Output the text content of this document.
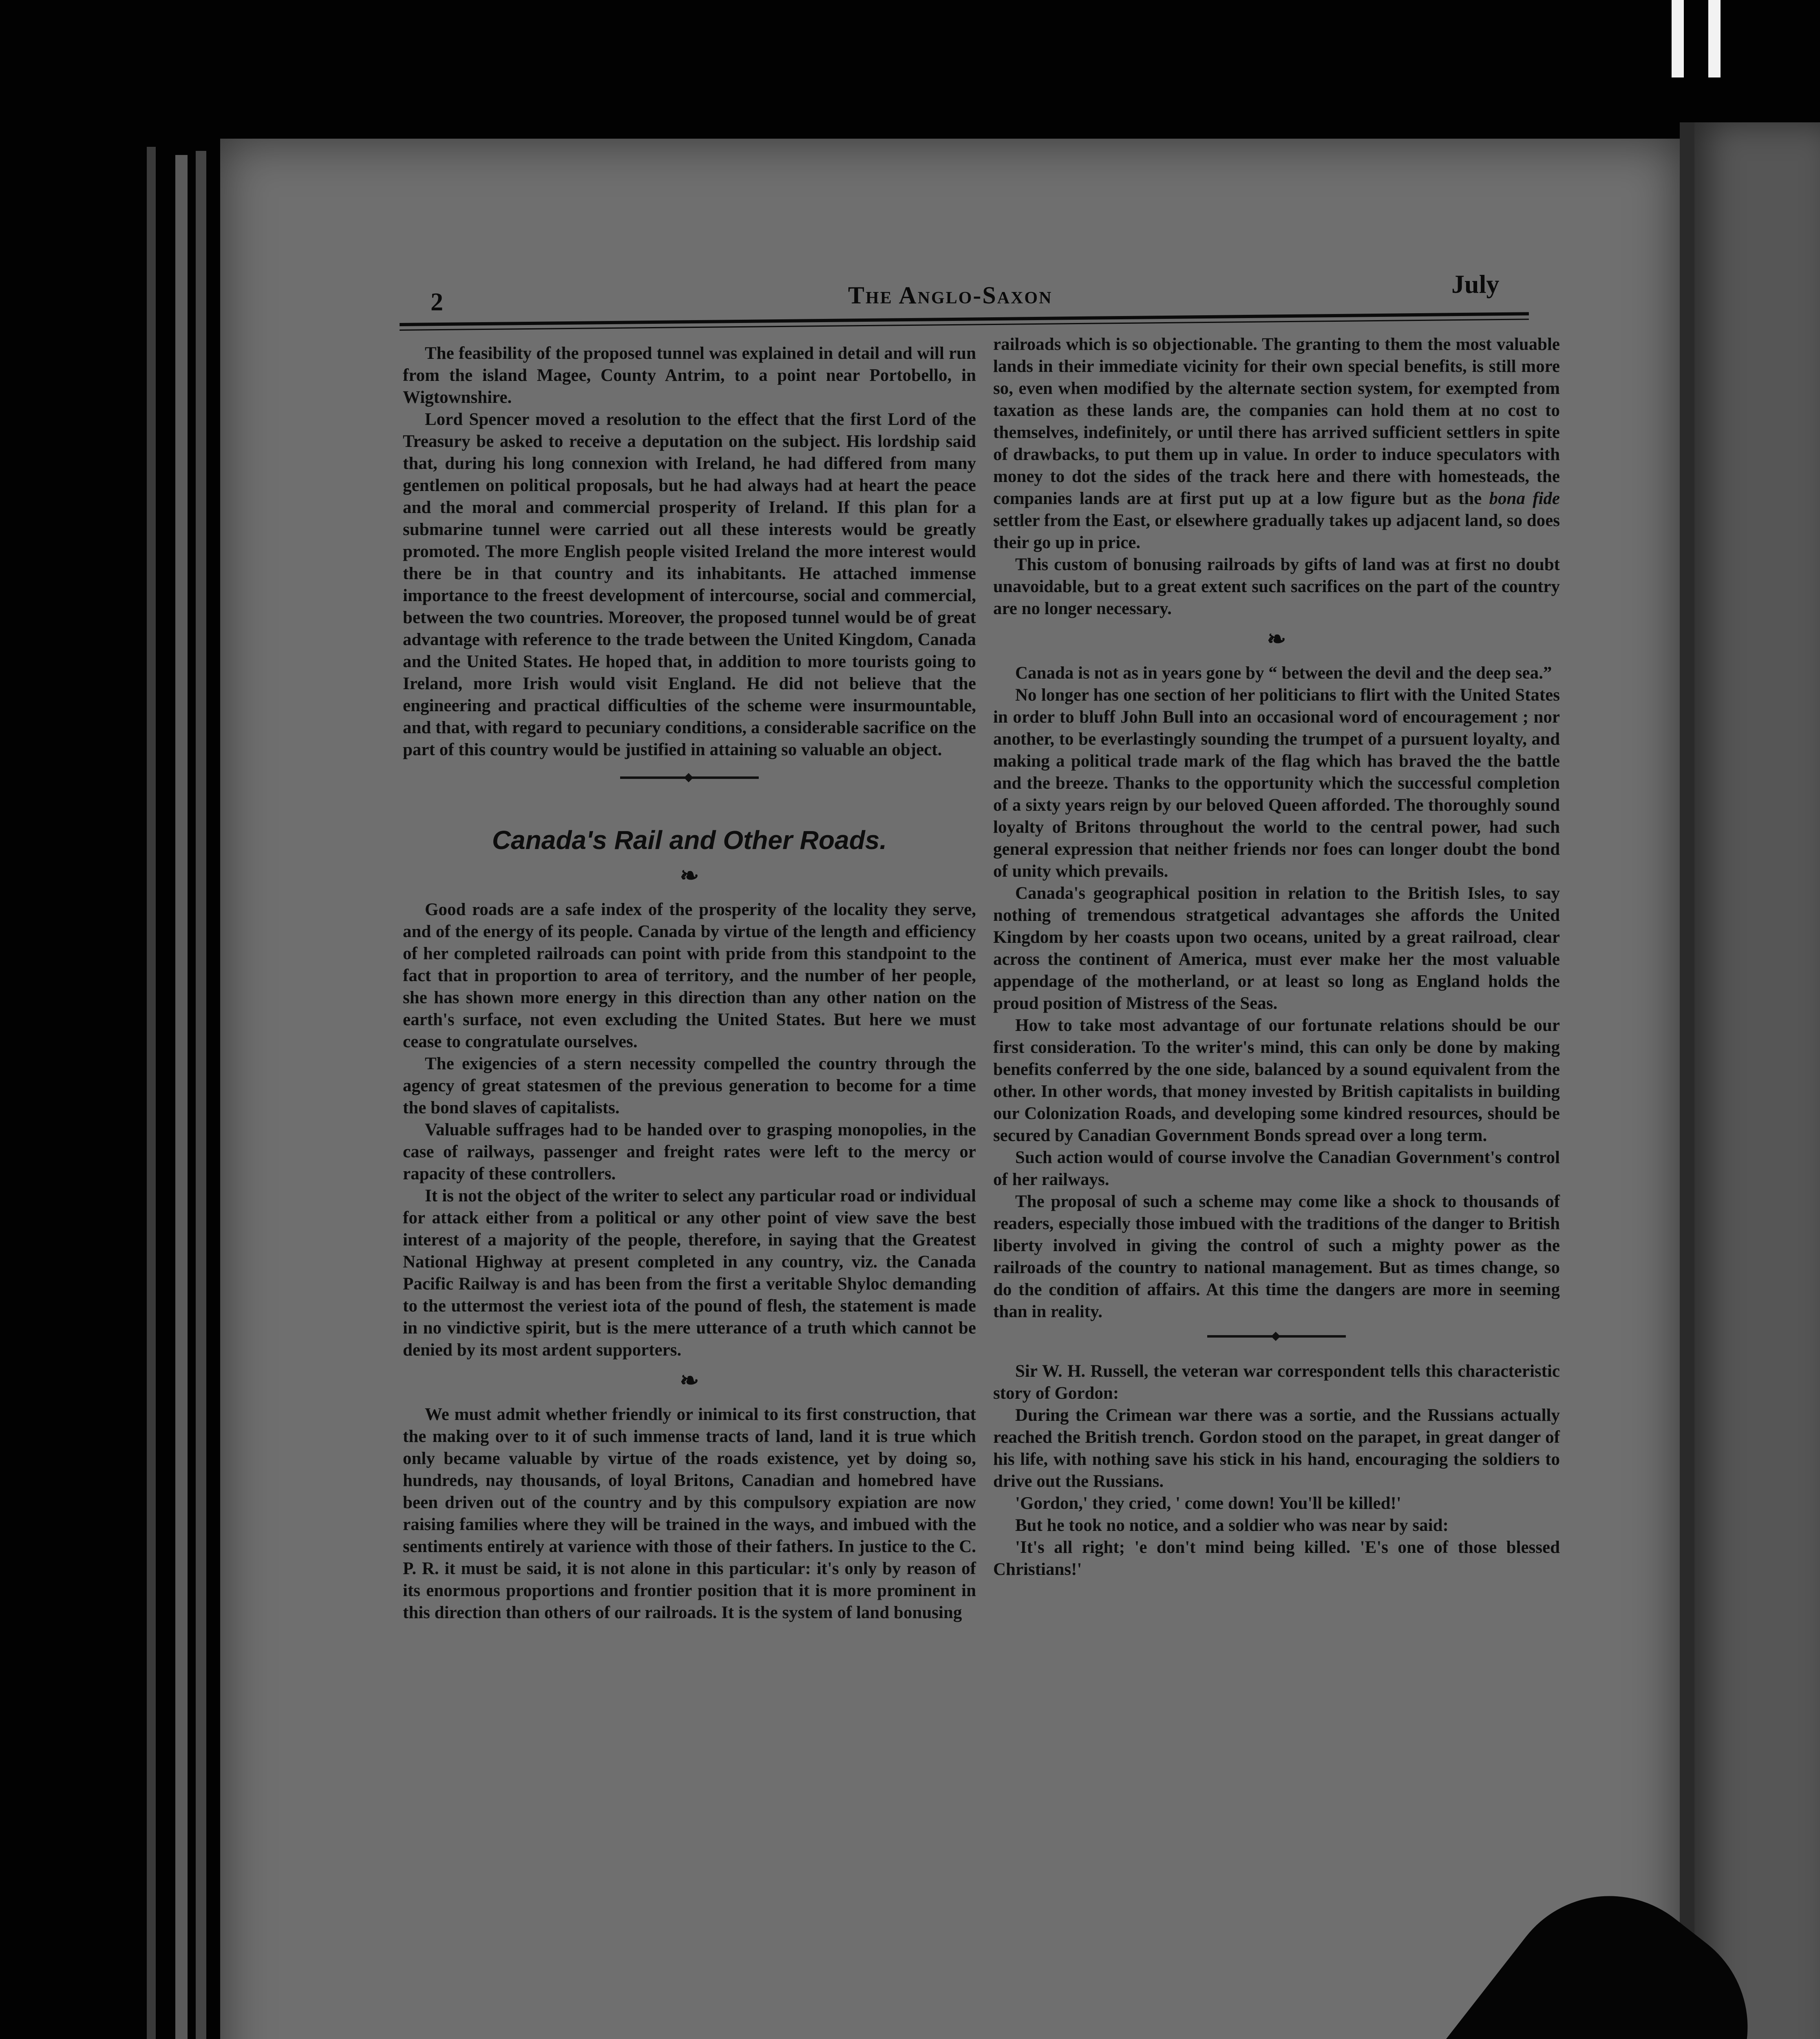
2	The Anglo-Saxon	July

The feasibility of the proposed tunnel was explained in detail and will run from the island Magee, County Antrim, to a point near Portobello, in Wigtownshire.

Lord Spencer moved a resolution to the effect that the first Lord of the Treasury be asked to receive a deputation on the subject. His lordship said that, during his long connexion with Ireland, he had differed from many gentlemen on political proposals, but he had always had at heart the peace and the moral and commercial prosperity of Ireland. If this plan for a submarine tunnel were carried out all these interests would be greatly promoted. The more English people visited Ireland the more interest would there be in that country and its inhabitants. He attached immense importance to the freest development of intercourse, social and commercial, between the two countries. Moreover, the proposed tunnel would be of great advantage with reference to the trade between the United Kingdom, Canada and the United States. He hoped that, in addition to more tourists going to Ireland, more Irish would visit England. He did not believe that the engineering and practical difficulties of the scheme were insurmountable, and that, with regard to pecuniary conditions, a considerable sacrifice on the part of this country would be justified in attaining so valuable an object.

Canada's Rail and Other Roads.
❧

Good roads are a safe index of the prosperity of the locality they serve, and of the energy of its people. Canada by virtue of the length and efficiency of her completed railroads can point with pride from this standpoint to the fact that in proportion to area of territory, and the number of her people, she has shown more energy in this direction than any other nation on the earth's surface, not even excluding the United States. But here we must cease to congratulate ourselves.

The exigencies of a stern necessity compelled the country through the agency of great statesmen of the previous generation to become for a time the bond slaves of capitalists.

Valuable suffrages had to be handed over to grasping monopolies, in the case of railways, passenger and freight rates were left to the mercy or rapacity of these controllers.

It is not the object of the writer to select any particular road or individual for attack either from a political or any other point of view save the best interest of a majority of the people, therefore, in saying that the Greatest National Highway at present completed in any country, viz. the Canada Pacific Railway is and has been from the first a veritable Shyloc demanding to the uttermost the veriest iota of the pound of flesh, the statement is made in no vindictive spirit, but is the mere utterance of a truth which cannot be denied by its most ardent supporters.

❧

We must admit whether friendly or inimical to its first construction, that the making over to it of such immense tracts of land, land it is true which only became valuable by virtue of the roads existence, yet by doing so, hundreds, nay thousands, of loyal Britons, Canadian and homebred have been driven out of the country and by this compulsory expiation are now raising families where they will be trained in the ways, and imbued with the sentiments entirely at varience with those of their fathers. In justice to the C. P. R. it must be said, it is not alone in this particular: it's only by reason of its enormous proportions and frontier position that it is more prominent in this direction than others of our railroads. It is the system of land bonusing

railroads which is so objectionable. The granting to them the most valuable lands in their immediate vicinity for their own special benefits, is still more so, even when modified by the alternate section system, for exempted from taxation as these lands are, the companies can hold them at no cost to themselves, indefinitely, or until there has arrived sufficient settlers in spite of drawbacks, to put them up in value. In order to induce speculators with money to dot the sides of the track here and there with homesteads, the companies lands are at first put up at a low figure but as the bona fide settler from the East, or elsewhere gradually takes up adjacent land, so does their go up in price.

This custom of bonusing railroads by gifts of land was at first no doubt unavoidable, but to a great extent such sacrifices on the part of the country are no longer necessary.

❧

Canada is not as in years gone by “ between the devil and the deep sea.”

No longer has one section of her politicians to flirt with the United States in order to bluff John Bull into an occasional word of encouragement ; nor another, to be everlastingly sounding the trumpet of a pursuent loyalty, and making a political trade mark of the flag which has braved the the battle and the breeze. Thanks to the opportunity which the successful completion of a sixty years reign by our beloved Queen afforded. The thoroughly sound loyalty of Britons throughout the world to the central power, had such general expression that neither friends nor foes can longer doubt the bond of unity which prevails.

Canada's geographical position in relation to the British Isles, to say nothing of tremendous stratgetical advantages she affords the United Kingdom by her coasts upon two oceans, united by a great railroad, clear across the continent of America, must ever make her the most valuable appendage of the motherland, or at least so long as England holds the proud position of Mistress of the Seas.

How to take most advantage of our fortunate relations should be our first consideration. To the writer's mind, this can only be done by making benefits conferred by the one side, balanced by a sound equivalent from the other. In other words, that money invested by British capitalists in building our Colonization Roads, and developing some kindred resources, should be secured by Canadian Government Bonds spread over a long term.

Such action would of course involve the Canadian Government's control of her railways.

The proposal of such a scheme may come like a shock to thousands of readers, especially those imbued with the traditions of the danger to British liberty involved in giving the control of such a mighty power as the railroads of the country to national management. But as times change, so do the condition of affairs. At this time the dangers are more in seeming than in reality.

Sir W. H. Russell, the veteran war correspondent tells this characteristic story of Gordon:

During the Crimean war there was a sortie, and the Russians actually reached the British trench. Gordon stood on the parapet, in great danger of his life, with nothing save his stick in his hand, encouraging the soldiers to drive out the Russians.

'Gordon,' they cried, ' come down! You'll be killed!'

But he took no notice, and a soldier who was near by said:

'It's all right; 'e don't mind being killed. 'E's one of those blessed Christians!'
